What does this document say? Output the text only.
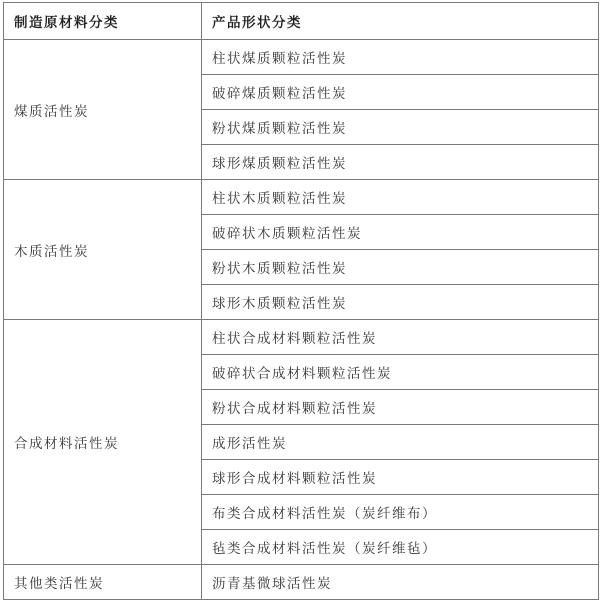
制造原材料分类	产品形状分类
煤质活性炭	柱状煤质颗粒活性炭
	破碎煤质颗粒活性炭
	粉状煤质颗粒活性炭
	球形煤质颗粒活性炭
木质活性炭	柱状木质颗粒活性炭
	破碎状木质颗粒活性炭
	粉状木质颗粒活性炭
	球形木质颗粒活性炭
合成材料活性炭	柱状合成材料颗粒活性炭
	破碎状合成材料颗粒活性炭
	粉状合成材料颗粒活性炭
	成形活性炭
	球形合成材料颗粒活性炭
	布类合成材料活性炭（炭纤维布）
	毡类合成材料活性炭（炭纤维毡）
其他类活性炭	沥青基微球活性炭
